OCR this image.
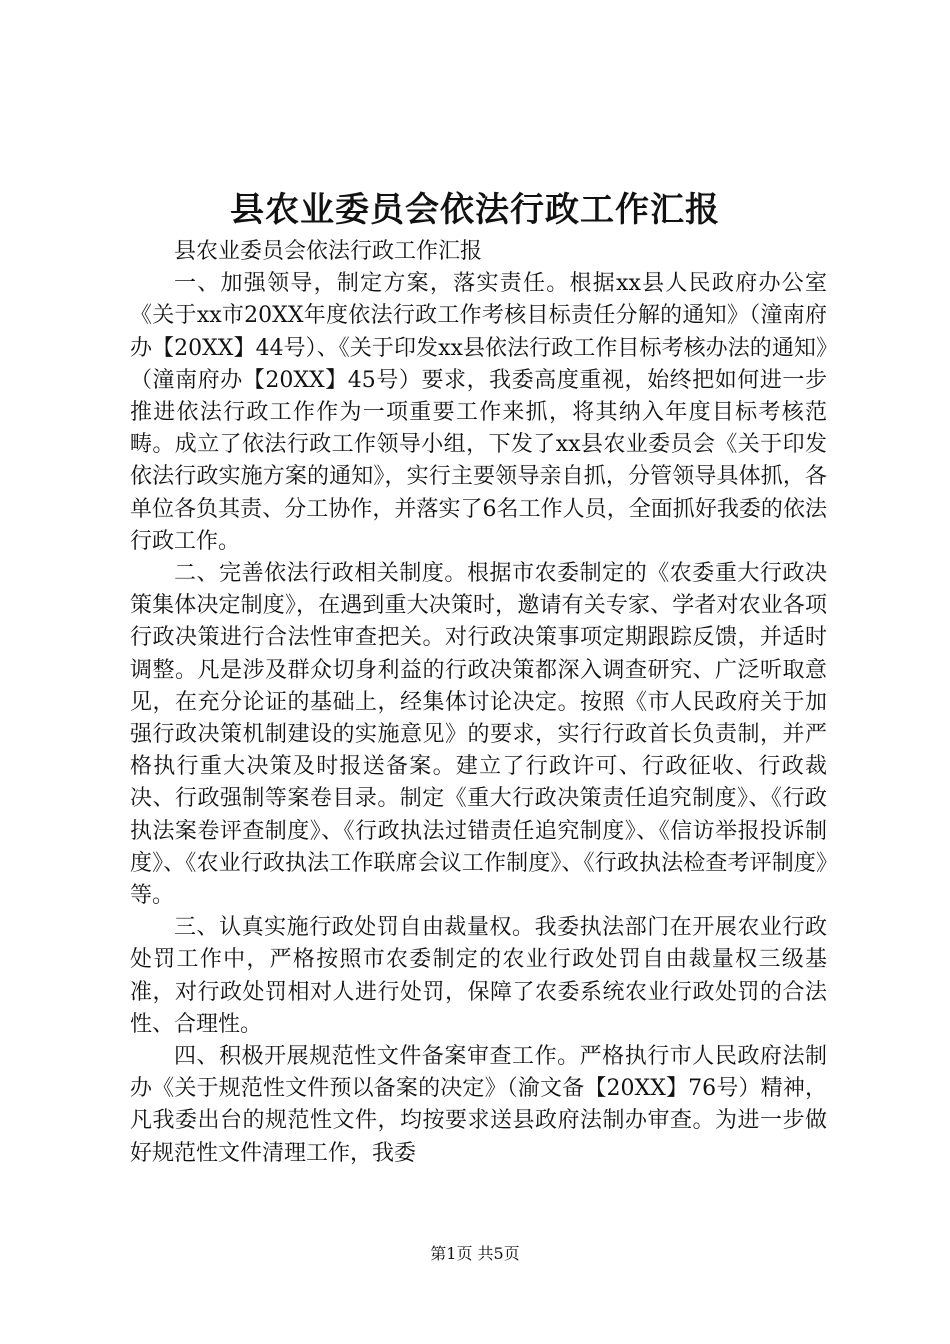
县农业委员会依法行政工作汇报

县农业委员会依法行政工作汇报

一、加强领导，制定方案，落实责任。根据xx县人民政府办公室《关于xx市20XX年度依法行政工作考核目标责任分解的通知》（潼南府办【20XX】44号）、《关于印发xx县依法行政工作目标考核办法的通知》（潼南府办【20XX】45号）要求，我委高度重视，始终把如何进一步推进依法行政工作作为一项重要工作来抓，将其纳入年度目标考核范畴。成立了依法行政工作领导小组，下发了xx县农业委员会《关于印发依法行政实施方案的通知》，实行主要领导亲自抓，分管领导具体抓，各单位各负其责、分工协作，并落实了6名工作人员，全面抓好我委的依法行政工作。

二、完善依法行政相关制度。根据市农委制定的《农委重大行政决策集体决定制度》，在遇到重大决策时，邀请有关专家、学者对农业各项行政决策进行合法性审查把关。对行政决策事项定期跟踪反馈，并适时调整。凡是涉及群众切身利益的行政决策都深入调查研究、广泛听取意见，在充分论证的基础上，经集体讨论决定。按照《市人民政府关于加强行政决策机制建设的实施意见》的要求，实行行政首长负责制，并严格执行重大决策及时报送备案。建立了行政许可、行政征收、行政裁决、行政强制等案卷目录。制定《重大行政决策责任追究制度》、《行政执法案卷评查制度》、《行政执法过错责任追究制度》、《信访举报投诉制度》、《农业行政执法工作联席会议工作制度》、《行政执法检查考评制度》等。

三、认真实施行政处罚自由裁量权。我委执法部门在开展农业行政处罚工作中，严格按照市农委制定的农业行政处罚自由裁量权三级基准，对行政处罚相对人进行处罚，保障了农委系统农业行政处罚的合法性、合理性。

四、积极开展规范性文件备案审查工作。严格执行市人民政府法制办《关于规范性文件预以备案的决定》（渝文备【20XX】76号）精神，凡我委出台的规范性文件，均按要求送县政府法制办审查。为进一步做好规范性文件清理工作，我委

第1页 共5页
